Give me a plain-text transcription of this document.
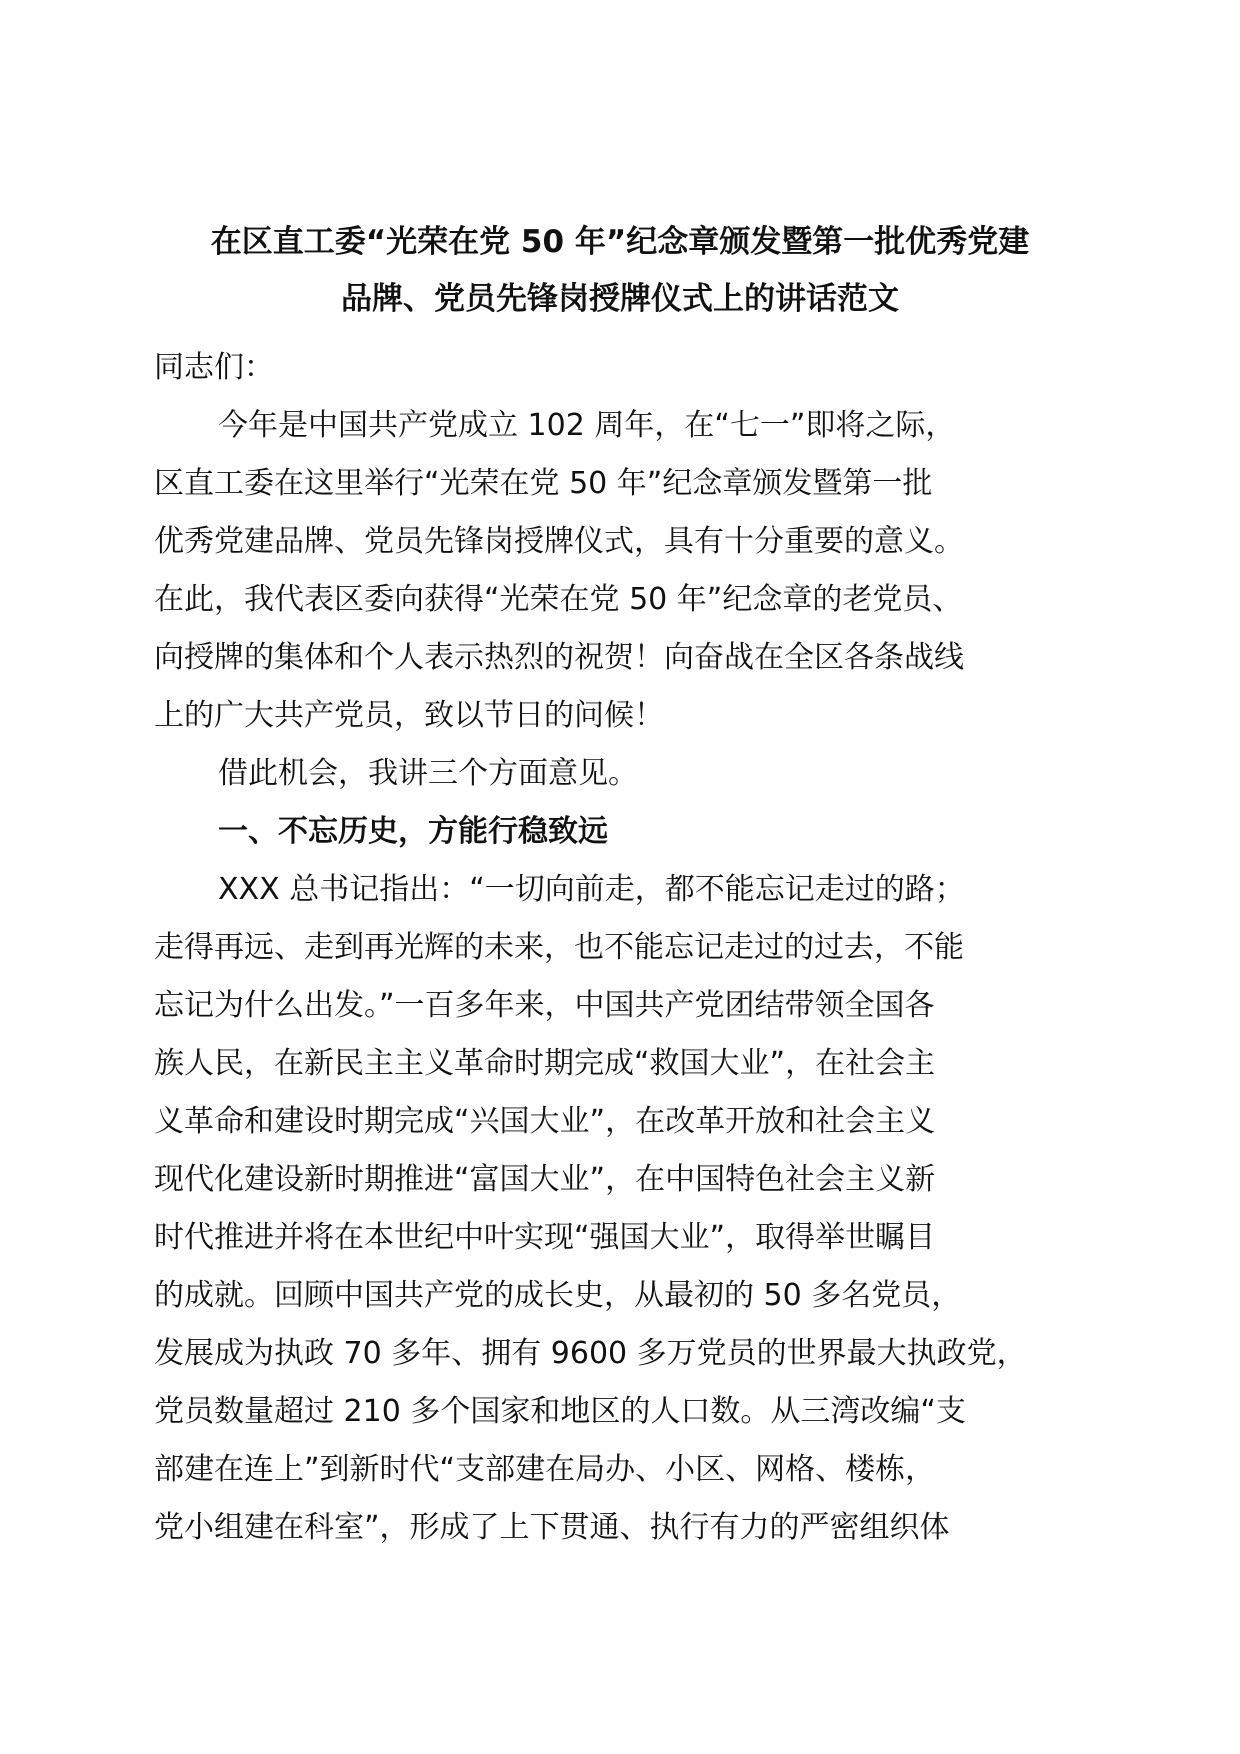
在区直工委“光荣在党 50 年”纪念章颁发暨第一批优秀党建
品牌、党员先锋岗授牌仪式上的讲话范文
同志们：
今年是中国共产党成立 102 周年，在“七一”即将之际，
区直工委在这里举行“光荣在党 50 年”纪念章颁发暨第一批
优秀党建品牌、党员先锋岗授牌仪式，具有十分重要的意义。
在此，我代表区委向获得“光荣在党 50 年”纪念章的老党员、
向授牌的集体和个人表示热烈的祝贺！向奋战在全区各条战线
上的广大共产党员，致以节日的问候！
借此机会，我讲三个方面意见。
一、不忘历史，方能行稳致远
XXX 总书记指出：“一切向前走，都不能忘记走过的路；
走得再远、走到再光辉的未来，也不能忘记走过的过去，不能
忘记为什么出发。”一百多年来，中国共产党团结带领全国各
族人民，在新民主主义革命时期完成“救国大业”，在社会主
义革命和建设时期完成“兴国大业”，在改革开放和社会主义
现代化建设新时期推进“富国大业”，在中国特色社会主义新
时代推进并将在本世纪中叶实现“强国大业”，取得举世瞩目
的成就。回顾中国共产党的成长史，从最初的 50 多名党员，
发展成为执政 70 多年、拥有 9600 多万党员的世界最大执政党，
党员数量超过 210 多个国家和地区的人口数。从三湾改编“支
部建在连上”到新时代“支部建在局办、小区、网格、楼栋，
党小组建在科室”，形成了上下贯通、执行有力的严密组织体
